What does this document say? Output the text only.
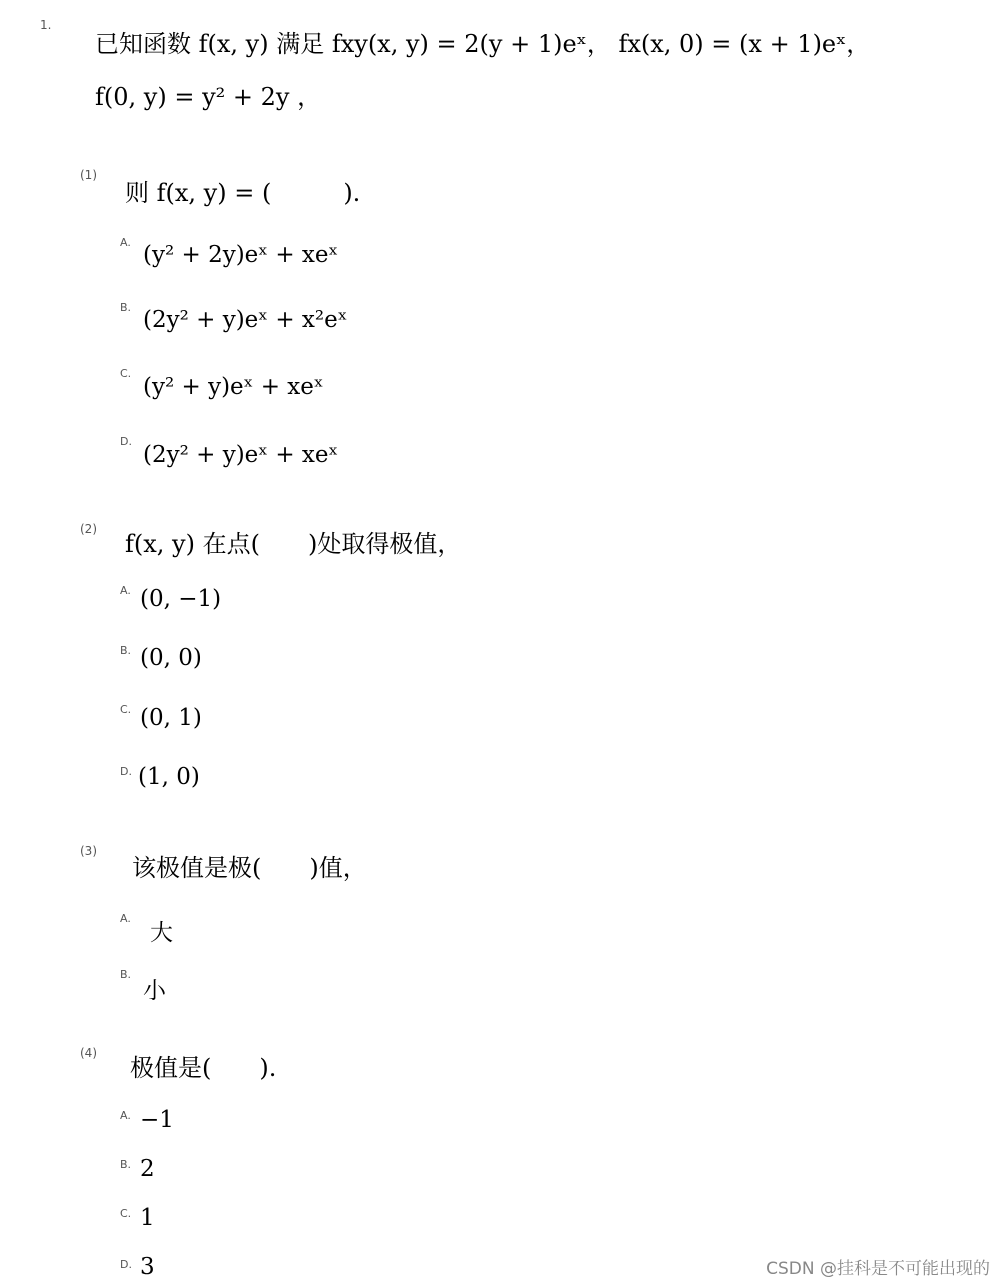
1.
已知函数 f(x, y) 满足 fxy(x, y) = 2(y + 1)eˣ， fx(x, 0) = (x + 1)eˣ，
f(0, y) = y² + 2y ，
(1)
则 f(x, y) = (　　　).
A. (y² + 2y)eˣ + xeˣ
B. (2y² + y)eˣ + x²eˣ
C.
(y² + y)eˣ + xeˣ
D.
(2y² + y)eˣ + xeˣ
(2)
f(x, y) 在点(　　)处取得极值，
A. (0, −1)
B. (0, 0)
C. (0, 1)
D. (1, 0)
(3)
该极值是极(　　)值，
A.
大
B.
小
(4)
极值是(　　).
A. −1
B. 2
C. 1
D. 3	CSDN @挂科是不可能出现的
